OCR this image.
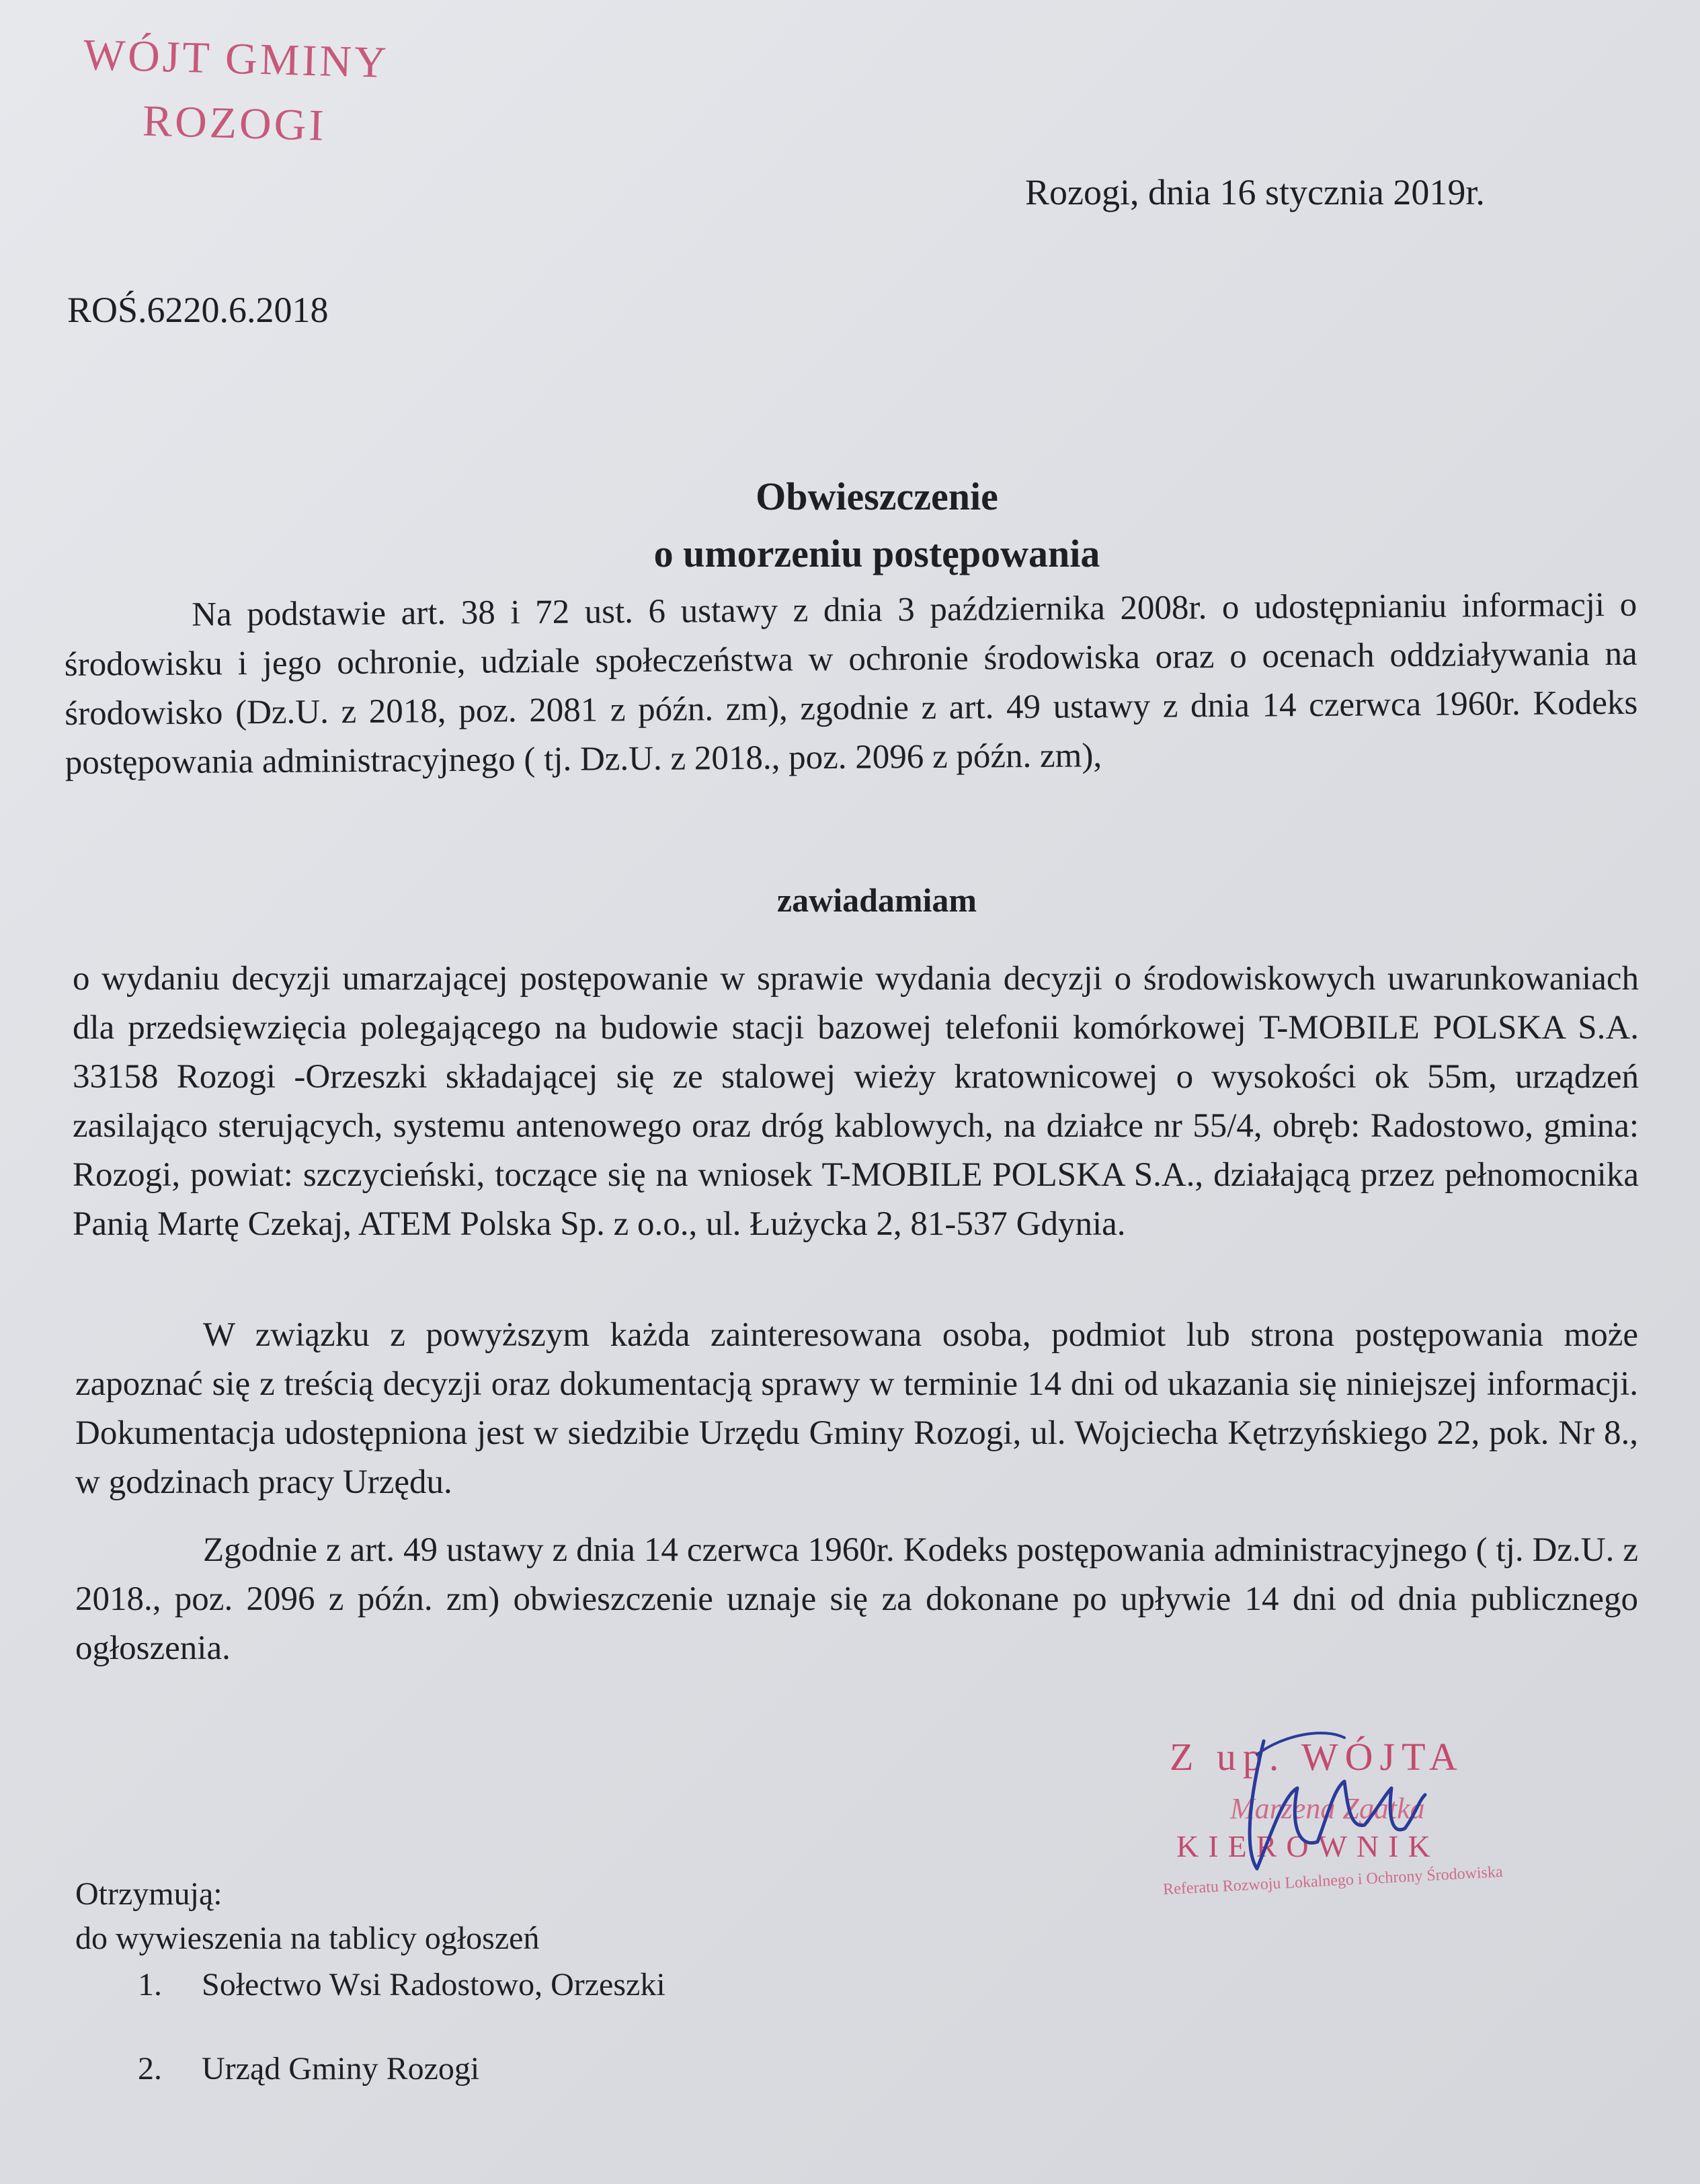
WÓJT GMINY
ROZOGI
Rozogi, dnia 16 stycznia 2019r.
ROŚ.6220.6.2018
Obwieszczenie
o umorzeniu postępowania
Na podstawie art. 38 i 72 ust. 6 ustawy z dnia 3 października 2008r. o udostępnianiu informacji o środowisku i jego ochronie, udziale społeczeństwa w ochronie środowiska oraz o ocenach oddziaływania na środowisko (Dz.U. z 2018, poz. 2081 z późn. zm), zgodnie z art. 49 ustawy z dnia 14 czerwca 1960r. Kodeks postępowania administracyjnego ( tj. Dz.U. z 2018., poz. 2096 z późn. zm),
zawiadamiam
o wydaniu decyzji umarzającej postępowanie w sprawie wydania decyzji o środowiskowych uwarunkowaniach dla przedsięwzięcia polegającego na budowie stacji bazowej telefonii komórkowej T-MOBILE POLSKA S.A. 33158 Rozogi -Orzeszki składającej się ze stalowej wieży kratownicowej o wysokości ok 55m, urządzeń zasilająco sterujących, systemu antenowego oraz dróg kablowych, na działce nr 55/4, obręb: Radostowo, gmina: Rozogi, powiat: szczycieński, toczące się na wniosek T-MOBILE POLSKA S.A., działającą przez pełnomocnika Panią Martę Czekaj, ATEM Polska Sp. z o.o., ul. Łużycka 2, 81-537 Gdynia.
W związku z powyższym każda zainteresowana osoba, podmiot lub strona postępowania może zapoznać się z treścią decyzji oraz dokumentacją sprawy w terminie 14 dni od ukazania się niniejszej informacji. Dokumentacja udostępniona jest w siedzibie Urzędu Gminy Rozogi, ul. Wojciecha Kętrzyńskiego 22, pok. Nr 8., w godzinach pracy Urzędu.
Zgodnie z art. 49 ustawy z dnia 14 czerwca 1960r. Kodeks postępowania administracyjnego ( tj. Dz.U. z 2018., poz. 2096 z późn. zm) obwieszczenie uznaje się za dokonane po upływie 14 dni od dnia publicznego ogłoszenia.
Z up. WÓJTA
Marzena Zgatka
KIEROWNIK
Referatu Rozwoju Lokalnego i Ochrony Środowiska
Otrzymują:
do wywieszenia na tablicy ogłoszeń
1. Sołectwo Wsi Radostowo, Orzeszki
2. Urząd Gminy Rozogi
